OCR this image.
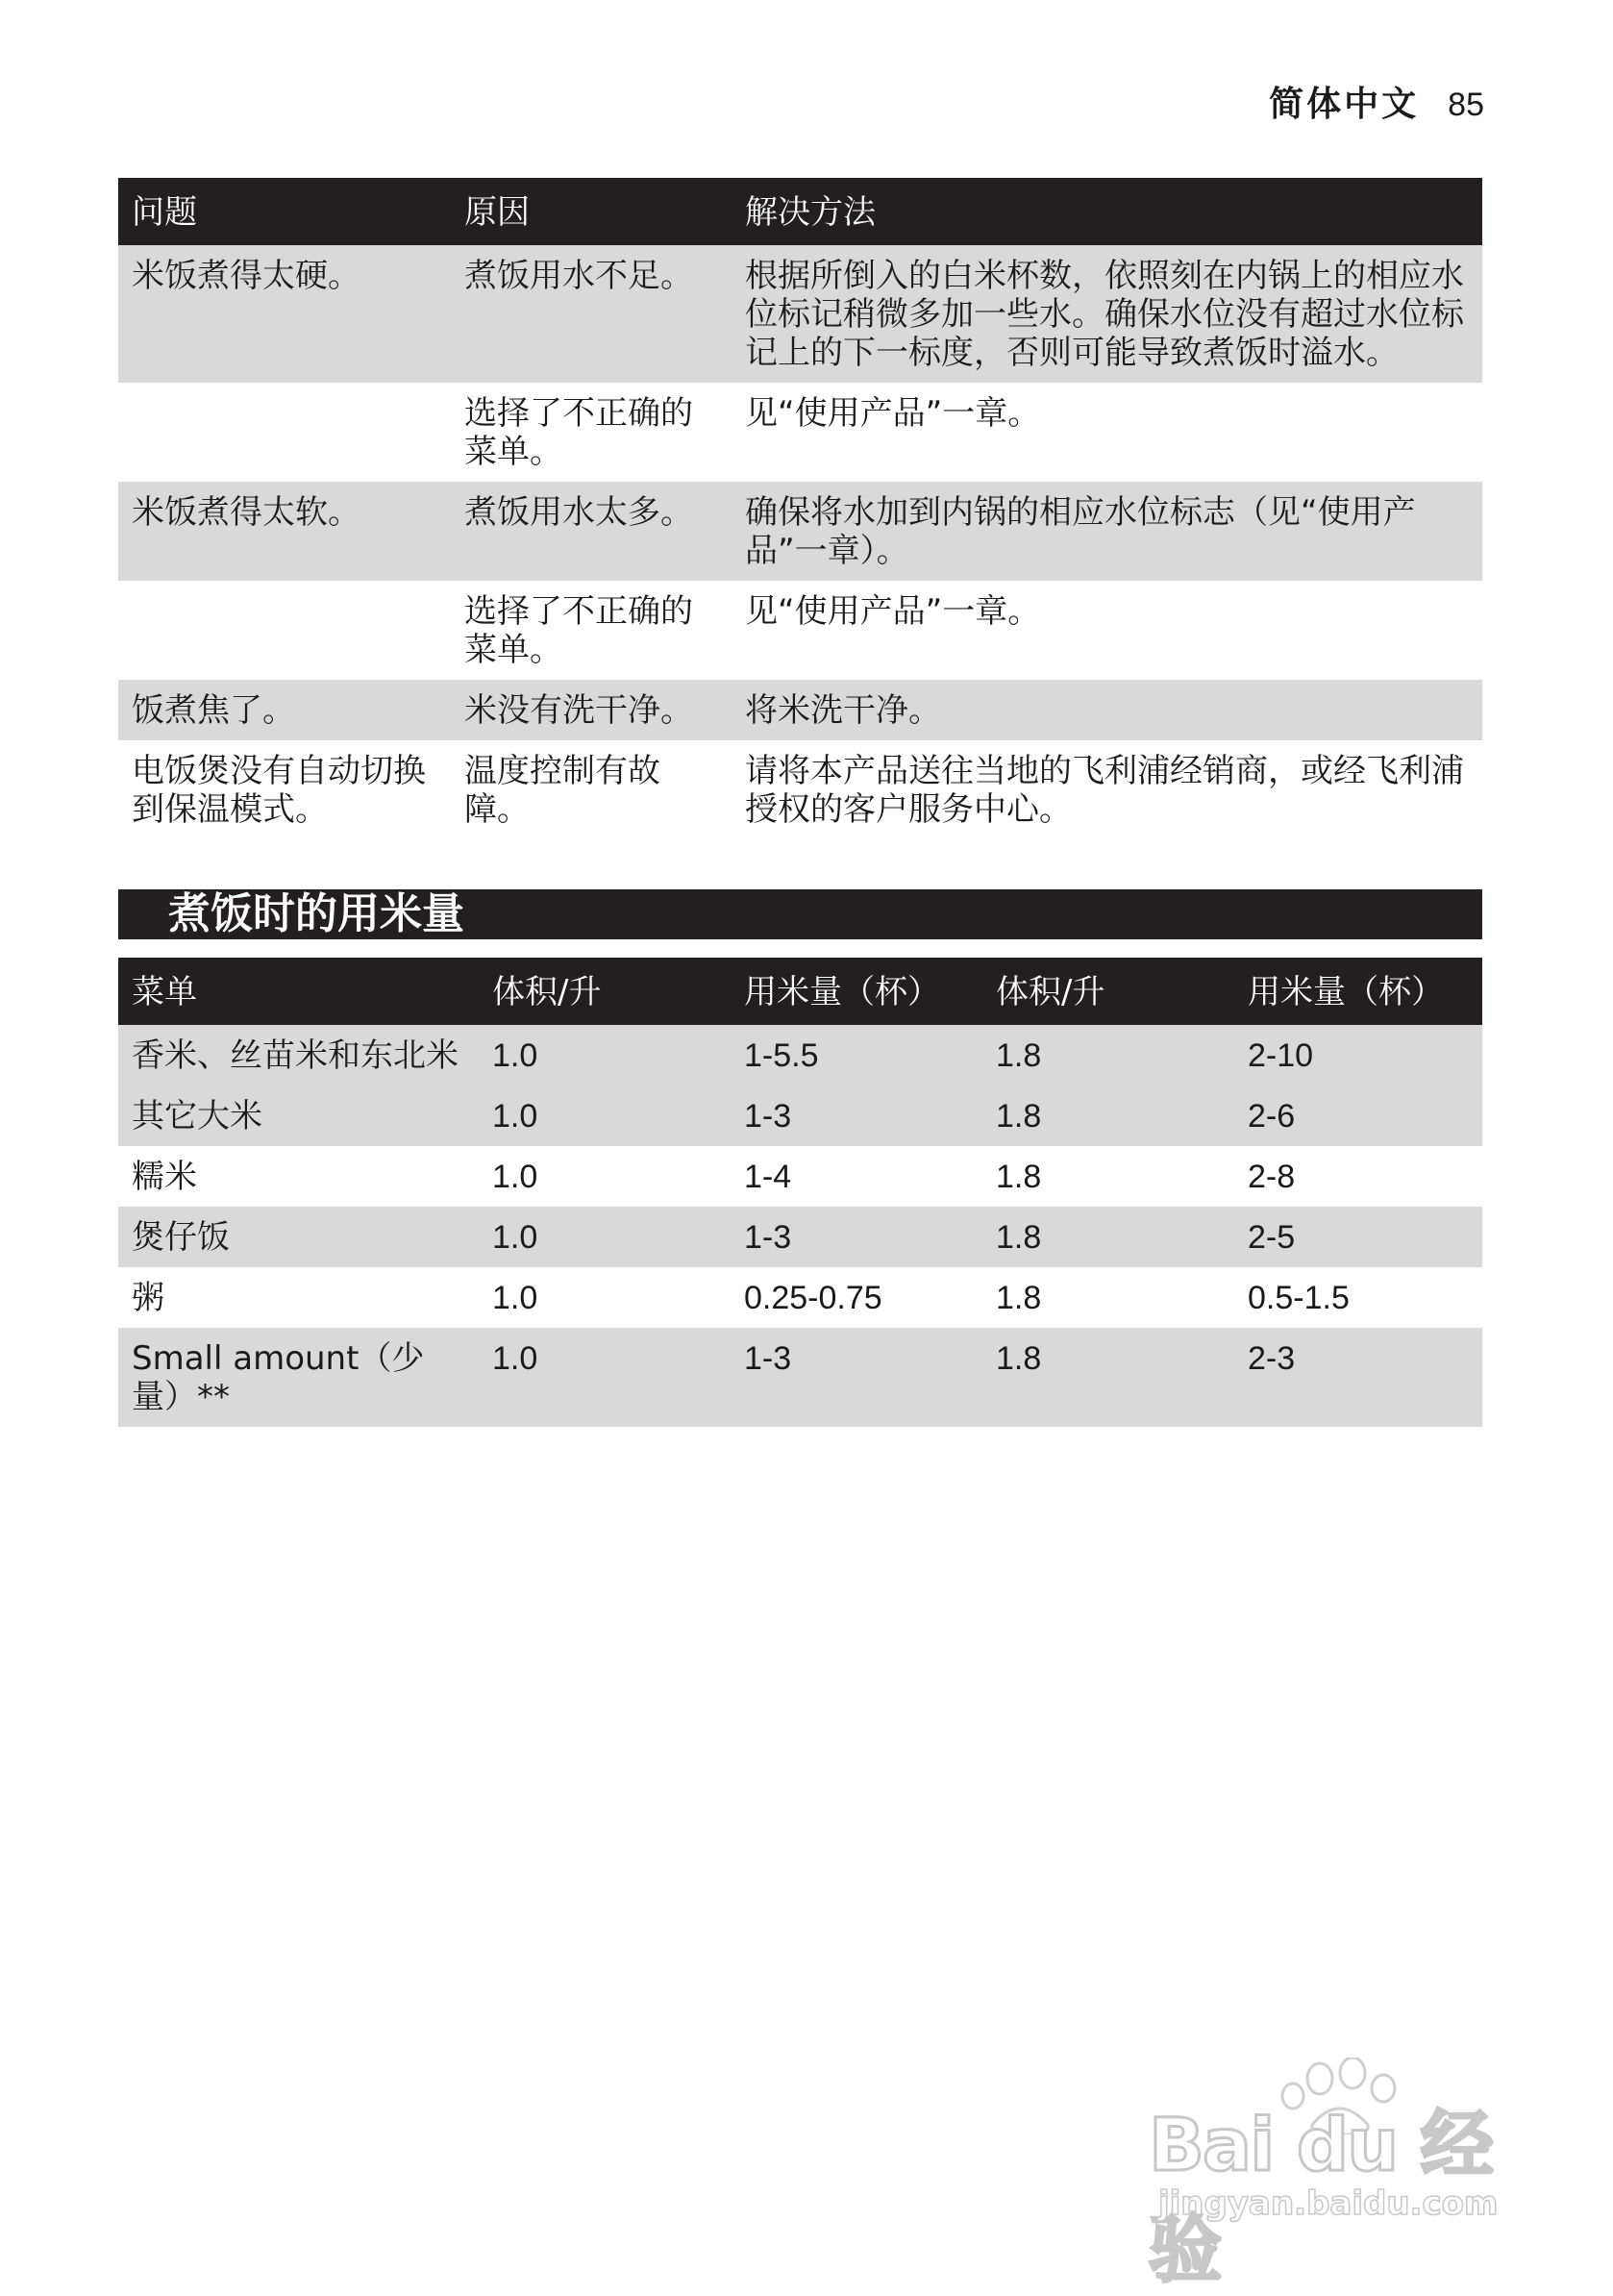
简体中文 85
问题	原因	解决方法
米饭煮得太硬。	煮饭用水不足。	根据所倒入的白米杯数，依照刻在内锅上的相应水位标记稍微多加一些水。确保水位没有超过水位标记上的下一标度，否则可能导致煮饭时溢水。
	选择了不正确的菜单。	见“使用产品”一章。
米饭煮得太软。	煮饭用水太多。	确保将水加到内锅的相应水位标志（见“使用产品”一章）。
	选择了不正确的菜单。	见“使用产品”一章。
饭煮焦了。	米没有洗干净。	将米洗干净。
电饭煲没有自动切换到保温模式。	温度控制有故障。	请将本产品送往当地的飞利浦经销商，或经飞利浦授权的客户服务中心。
煮饭时的用米量
菜单	体积/升	用米量（杯）	体积/升	用米量（杯）
香米、丝苗米和东北米	1.0	1-5.5	1.8	2-10
其它大米	1.0	1-3	1.8	2-6
糯米	1.0	1-4	1.8	2-8
煲仔饭	1.0	1-3	1.8	2-5
粥	1.0	0.25-0.75	1.8	0.5-1.5
Small amount（少量）**	1.0	1-3	1.8	2-3
Bai du 经验
jingyan.baidu.com
